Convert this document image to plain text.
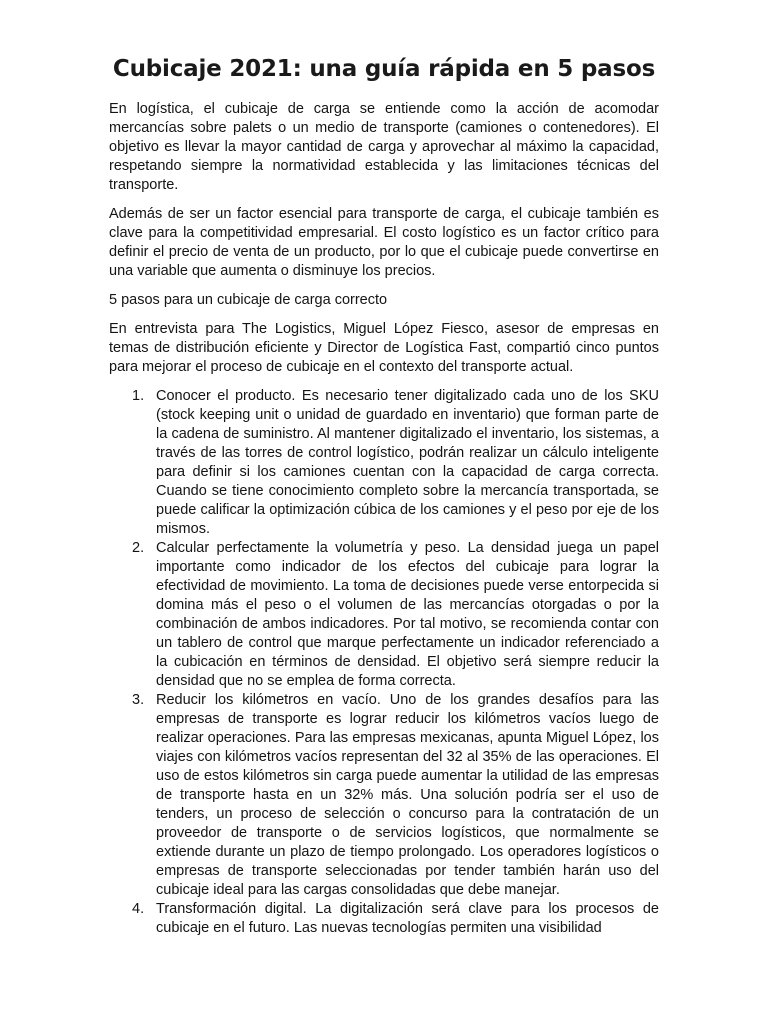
Cubicaje 2021: una guía rápida en 5 pasos

En logística, el cubicaje de carga se entiende como la acción de acomodar mercancías sobre palets o un medio de transporte (camiones o contenedores). El objetivo es llevar la mayor cantidad de carga y aprovechar al máximo la capacidad, respetando siempre la normatividad establecida y las limitaciones técnicas del transporte.

Además de ser un factor esencial para transporte de carga, el cubicaje también es clave para la competitividad empresarial. El costo logístico es un factor crítico para definir el precio de venta de un producto, por lo que el cubicaje puede convertirse en una variable que aumenta o disminuye los precios.

5 pasos para un cubicaje de carga correcto

En entrevista para The Logistics, Miguel López Fiesco, asesor de empresas en temas de distribución eficiente y Director de Logística Fast, compartió cinco puntos para mejorar el proceso de cubicaje en el contexto del transporte actual.

1. Conocer el producto. Es necesario tener digitalizado cada uno de los SKU (stock keeping unit o unidad de guardado en inventario) que forman parte de la cadena de suministro. Al mantener digitalizado el inventario, los sistemas, a través de las torres de control logístico, podrán realizar un cálculo inteligente para definir si los camiones cuentan con la capacidad de carga correcta. Cuando se tiene conocimiento completo sobre la mercancía transportada, se puede calificar la optimización cúbica de los camiones y el peso por eje de los mismos.
2. Calcular perfectamente la volumetría y peso. La densidad juega un papel importante como indicador de los efectos del cubicaje para lograr la efectividad de movimiento. La toma de decisiones puede verse entorpecida si domina más el peso o el volumen de las mercancías otorgadas o por la combinación de ambos indicadores. Por tal motivo, se recomienda contar con un tablero de control que marque perfectamente un indicador referenciado a la cubicación en términos de densidad. El objetivo será siempre reducir la densidad que no se emplea de forma correcta.
3. Reducir los kilómetros en vacío. Uno de los grandes desafíos para las empresas de transporte es lograr reducir los kilómetros vacíos luego de realizar operaciones. Para las empresas mexicanas, apunta Miguel López, los viajes con kilómetros vacíos representan del 32 al 35% de las operaciones. El uso de estos kilómetros sin carga puede aumentar la utilidad de las empresas de transporte hasta en un 32% más. Una solución podría ser el uso de tenders, un proceso de selección o concurso para la contratación de un proveedor de transporte o de servicios logísticos, que normalmente se extiende durante un plazo de tiempo prolongado. Los operadores logísticos o empresas de transporte seleccionadas por tender también harán uso del cubicaje ideal para las cargas consolidadas que debe manejar.
4. Transformación digital. La digitalización será clave para los procesos de cubicaje en el futuro. Las nuevas tecnologías permiten una visibilidad
